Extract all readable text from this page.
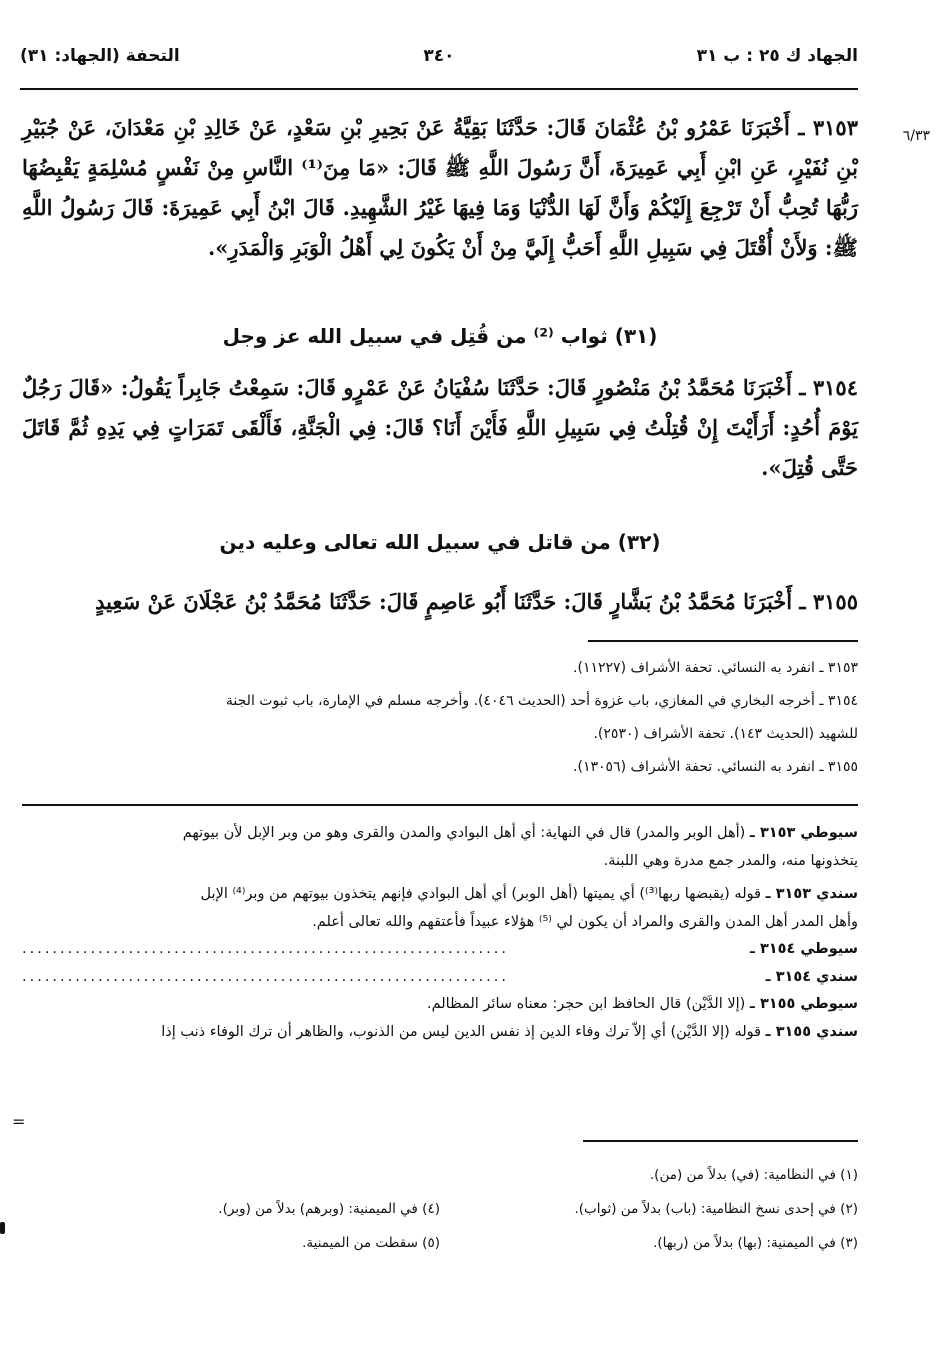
الجهاد ك ٢٥ : ب ٣١
٣٤٠
التحفة (الجهاد: ٣١)
٦/٣٣

٣١٥٣ ـ أَخْبَرَنَا عَمْرُو بْنُ عُثْمَانَ قَالَ: حَدَّثَنَا بَقِيَّةُ عَنْ بَحِيرِ بْنِ سَعْدٍ، عَنْ خَالِدِ بْنِ مَعْدَانَ، عَنْ جُبَيْرِ بْنِ نُفَيْرٍ، عَنِ ابْنِ أَبِي عَمِيرَةَ، أَنَّ رَسُولَ اللَّهِ ﷺ قَالَ: «مَا مِنَ⁽¹⁾ النَّاسِ مِنْ نَفْسٍ مُسْلِمَةٍ يَقْبِضُهَا رَبُّهَا تُحِبُّ أَنْ تَرْجِعَ إِلَيْكُمْ وَأَنَّ لَهَا الدُّنْيَا وَمَا فِيهَا غَيْرُ الشَّهِيدِ. قَالَ ابْنُ أَبِي عَمِيرَةَ: قَالَ رَسُولُ اللَّهِ ﷺ: وَلأَنْ أُقْتَلَ فِي سَبِيلِ اللَّهِ أَحَبُّ إِلَيَّ مِنْ أَنْ يَكُونَ لِي أَهْلُ الْوَبَرِ وَالْمَدَرِ».

(٣١) ثواب ⁽²⁾ من قُتِل في سبيل الله عز وجل

٣١٥٤ ـ أَخْبَرَنَا مُحَمَّدُ بْنُ مَنْصُورٍ قَالَ: حَدَّثَنَا سُفْيَانُ عَنْ عَمْرٍو قَالَ: سَمِعْتُ جَابِراً يَقُولُ: «قَالَ رَجُلٌ يَوْمَ أُحُدٍ: أَرَأَيْتَ إِنْ قُتِلْتُ فِي سَبِيلِ اللَّهِ فَأَيْنَ أَنَا؟ قَالَ: فِي الْجَنَّةِ، فَأَلْقَى تَمَرَاتٍ فِي يَدِهِ ثُمَّ قَاتَلَ حَتَّى قُتِلَ».

(٣٢) من قاتل في سبيل الله تعالى وعليه دين
٣١٥٥ ـ أَخْبَرَنَا مُحَمَّدُ بْنُ بَشَّارٍ قَالَ: حَدَّثَنَا أَبُو عَاصِمٍ قَالَ: حَدَّثَنَا مُحَمَّدُ بْنُ عَجْلَانَ عَنْ سَعِيدٍ
٣١٥٣ ـ انفرد به النسائي. تحفة الأشراف (١١٢٢٧).
٣١٥٤ ـ أخرجه البخاري في المغازي، باب غزوة أحد (الحديث ٤٠٤٦). وأخرجه مسلم في الإمارة، باب ثبوت الجنة
للشهيد (الحديث ١٤٣). تحفة الأشراف (٢٥٣٠).
٣١٥٥ ـ انفرد به النسائي. تحفة الأشراف (١٣٠٥٦).
سيوطي ٣١٥٣ ـ (أهل الوبر والمدر) قال في النهاية: أي أهل البوادي والمدن والقرى وهو من وبر الإبل لأن بيوتهم
يتخذونها منه، والمدر جمع مدرة وهي اللبنة.
سندي ٣١٥٣ ـ قوله (يقبضها ربها⁽³⁾) أي يميتها (أهل الوبر) أي أهل البوادي فإنهم يتخذون بيوتهم من وبر⁽⁴⁾ الإبل
وأهل المدر أهل المدن والقرى والمراد أن يكون لي ⁽⁵⁾ هؤلاء عبيداً فأعتقهم والله تعالى أعلم.
سيوطي ٣١٥٤ ـ
................................................................
سندي ٣١٥٤ ـ
................................................................
سيوطي ٣١٥٥ ـ (إلا الدَّيْن) قال الحافظ ابن حجر: معناه سائر المظالم.
سندي ٣١٥٥ ـ قوله (إلا الدَّيْن) أي إلاّ ترك وفاء الدين إذ نفس الدين ليس من الذنوب، والظاهر أن ترك الوفاء ذنب إذا
=
(١) في النظامية: (في) بدلاً من (من).
(٢) في إحدى نسخ النظامية: (باب) بدلاً من (ثواب).
(٤) في الميمنية: (وبرهم) بدلاً من (وبر).
(٣) في الميمنية: (بها) بدلاً من (ربها).
(٥) سقطت من الميمنية.
